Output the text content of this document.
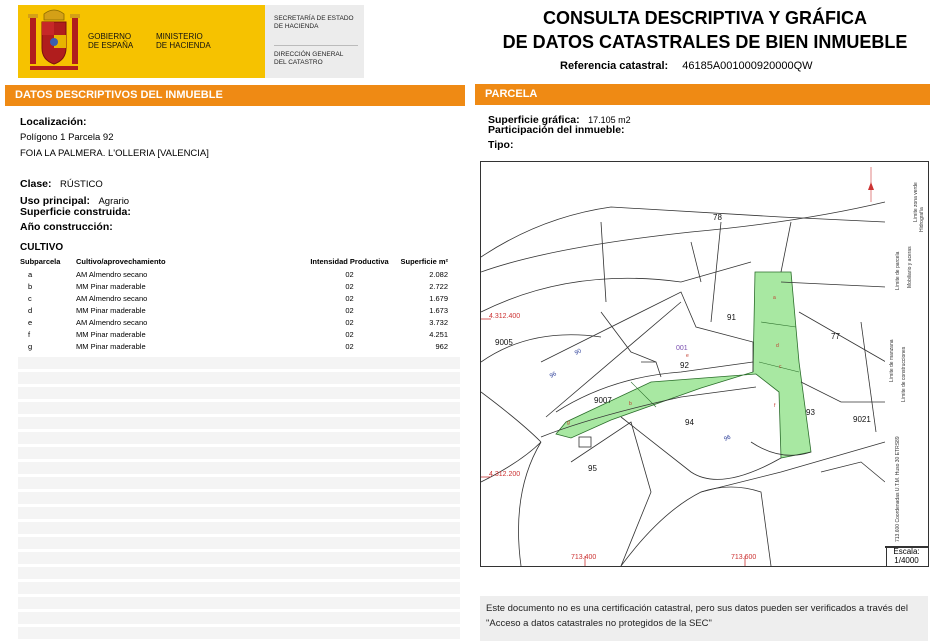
GOBIERNO
DE ESPAÑA
MINISTERIO
DE HACIENDA
SECRETARÍA DE ESTADO
DE HACIENDA
DIRECCIÓN GENERAL
DEL CATASTRO
CONSULTA DESCRIPTIVA Y GRÁFICA
DE DATOS CATASTRALES DE BIEN INMUEBLE
Referencia catastral: 46185A001000920000QW
DATOS DESCRIPTIVOS DEL INMUEBLE
Localización:
Polígono 1 Parcela 92
FOIA LA PALMERA. L'OLLERIA [VALENCIA]
Clase: RÚSTICO
Uso principal: Agrario
Superficie construida:
Año construcción:
CULTIVO
Subparcela	Cultivo/aprovechamiento	Intensidad Productiva	Superficie m²
a	AM Almendro secano	02	2.082
b	MM Pinar maderable	02	2.722
c	AM Almendro secano	02	1.679
d	MM Pinar maderable	02	1.673
e	AM Almendro secano	02	3.732
f	MM Pinar maderable	02	4.251
g	MM Pinar maderable	02	962
PARCELA
Superficie gráfica: 17.105 m2
Participación del inmueble:
Tipo:
78
91
77
9005
92
9007
93
9021
94
95
a
b
c
d
e
f
g
4.312.400
4.312.200
713.400	713.600
90
96
96
001	Límite de manzana
Límite de parcela
Límite de construcciones
Mobiliario y aceras
Límite zona verde Hidrografía
713.600 Coordenadas U.T.M. Huso 30 ETRS89
Escala:
1/4000
Este documento no es una certificación catastral, pero sus datos pueden ser verificados a través del "Acceso a datos catastrales no protegidos de la SEC"
